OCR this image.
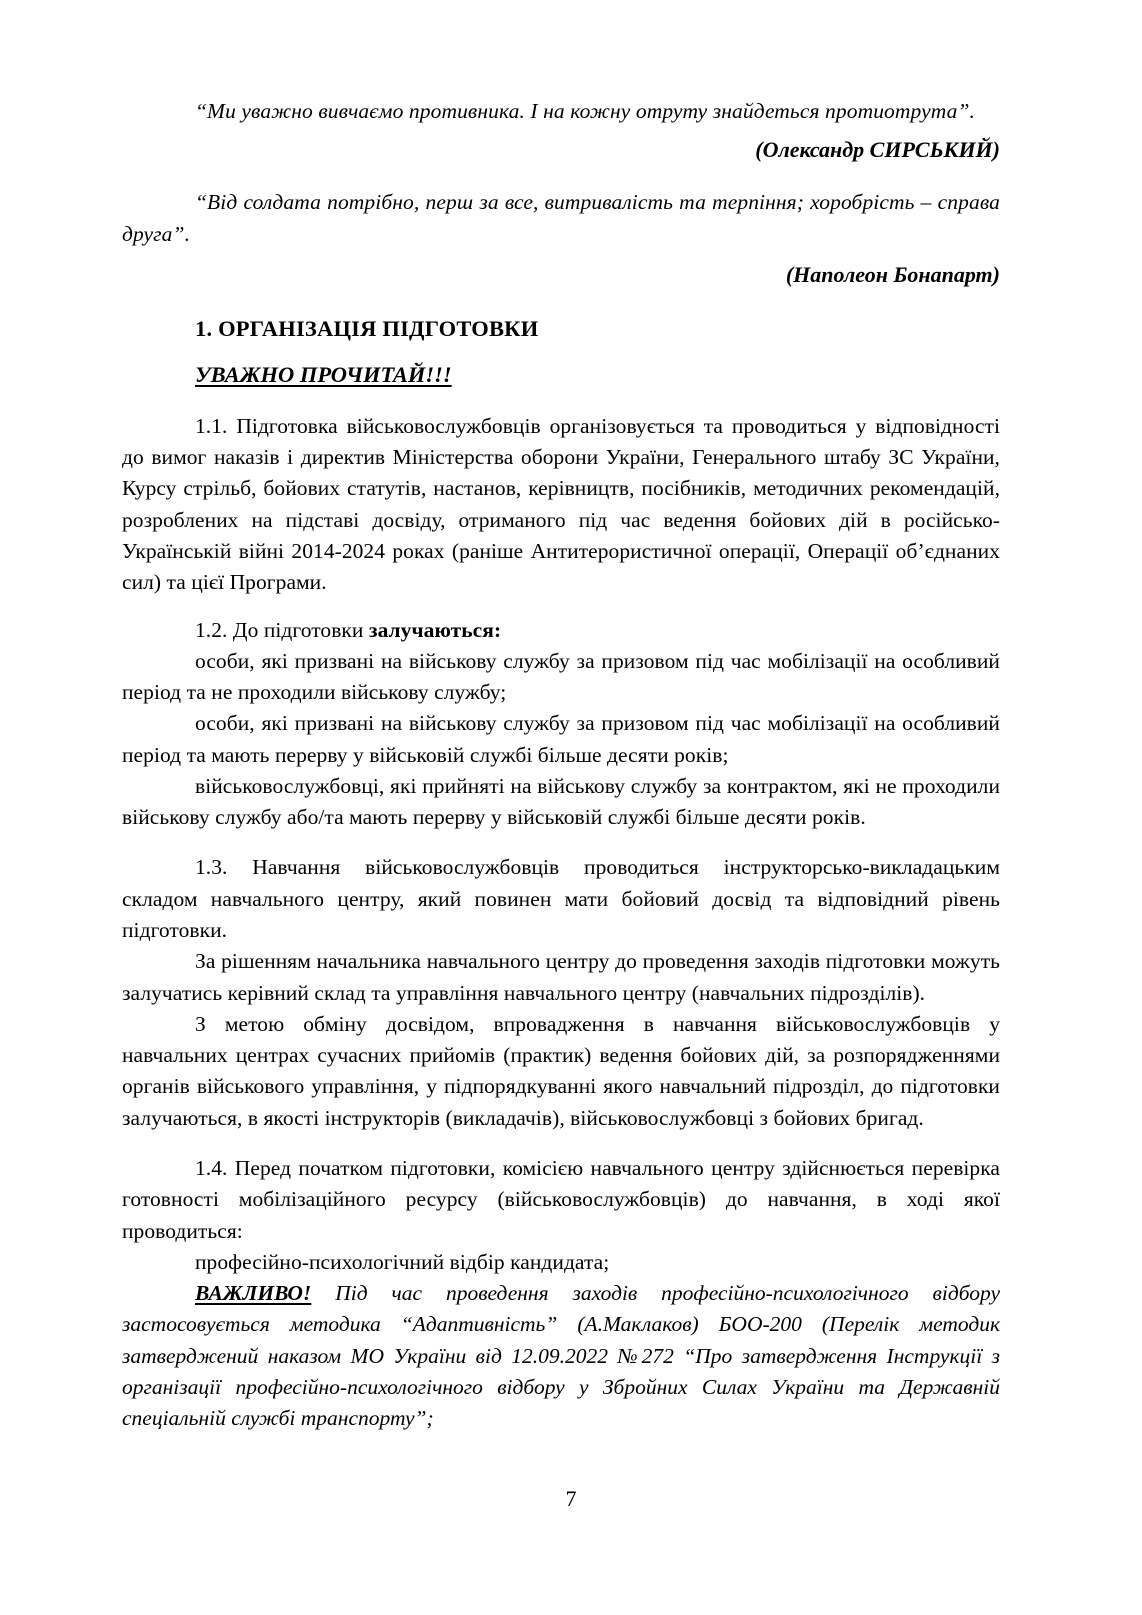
“Ми уважно вивчаємо противника. І на кожну отруту знайдеться протиотрута”.

(Олександр СИРСЬКИЙ)

“Від солдата потрібно, перш за все, витривалість та терпіння; хоробрість – справа друга”.

(Наполеон Бонапарт)

1. ОРГАНІЗАЦІЯ ПІДГОТОВКИ

УВАЖНО ПРОЧИТАЙ!!!

1.1. Підготовка військовослужбовців організовується та проводиться у відповідності до вимог наказів і директив Міністерства оборони України, Генерального штабу ЗС України, Курсу стрільб, бойових статутів, настанов, керівництв, посібників, методичних рекомендацій, розроблених на підставі досвіду, отриманого під час ведення бойових дій в російсько-Українській війні 2014-2024 роках (раніше Антитерористичної операції, Операції об’єднаних сил) та цієї Програми.

1.2. До підготовки залучаються:

особи, які призвані на військову службу за призовом під час мобілізації на особливий період та не проходили військову службу;

особи, які призвані на військову службу за призовом під час мобілізації на особливий період та мають перерву у військовій службі більше десяти років;

військовослужбовці, які прийняті на військову службу за контрактом, які не проходили військову службу або/та мають перерву у військовій службі більше десяти років.

1.3. Навчання військовослужбовців проводиться інструкторсько-викладацьким складом навчального центру, який повинен мати бойовий досвід та відповідний рівень підготовки.

За рішенням начальника навчального центру до проведення заходів підготовки можуть залучатись керівний склад та управління навчального центру (навчальних підрозділів).

З метою обміну досвідом, впровадження в навчання військовослужбовців у навчальних центрах сучасних прийомів (практик) ведення бойових дій, за розпорядженнями органів військового управління, у підпорядкуванні якого навчальний підрозділ, до підготовки залучаються, в якості інструкторів (викладачів), військовослужбовці з бойових бригад.

1.4. Перед початком підготовки, комісією навчального центру здійснюється перевірка готовності мобілізаційного ресурсу (військовослужбовців) до навчання, в ході якої проводиться:

професійно-психологічний відбір кандидата;

ВАЖЛИВО! Під час проведення заходів професійно-психологічного відбору застосовується методика “Адаптивність” (А.Маклаков) БОО-200 (Перелік методик затверджений наказом МО України від 12.09.2022 №272 “Про затвердження Інструкції з організації професійно-психологічного відбору у Збройних Силах України та Державній спеціальній службі транспорту”;

7
